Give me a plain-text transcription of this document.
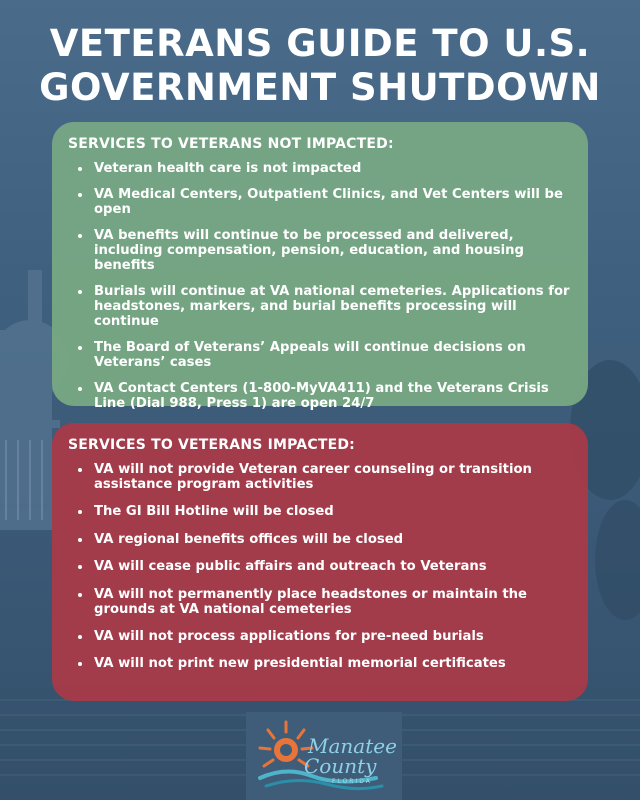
VETERANS GUIDE TO U.S.
GOVERNMENT SHUTDOWN
SERVICES TO VETERANS NOT IMPACTED:
• Veteran health care is not impacted
• VA Medical Centers, Outpatient Clinics, and Vet Centers will be open
• VA benefits will continue to be processed and delivered, including compensation, pension, education, and housing benefits
• Burials will continue at VA national cemeteries. Applications for headstones, markers, and burial benefits processing will continue
• The Board of Veterans’ Appeals will continue decisions on Veterans’ cases
• VA Contact Centers (1-800-MyVA411) and the Veterans Crisis Line (Dial 988, Press 1) are open 24/7
SERVICES TO VETERANS IMPACTED:
• VA will not provide Veteran career counseling or transition assistance program activities
• The GI Bill Hotline will be closed
• VA regional benefits offices will be closed
• VA will cease public affairs and outreach to Veterans
• VA will not permanently place headstones or maintain the grounds at VA national cemeteries
• VA will not process applications for pre-need burials
• VA will not print new presidential memorial certificates
Manatee
County
FLORIDA
